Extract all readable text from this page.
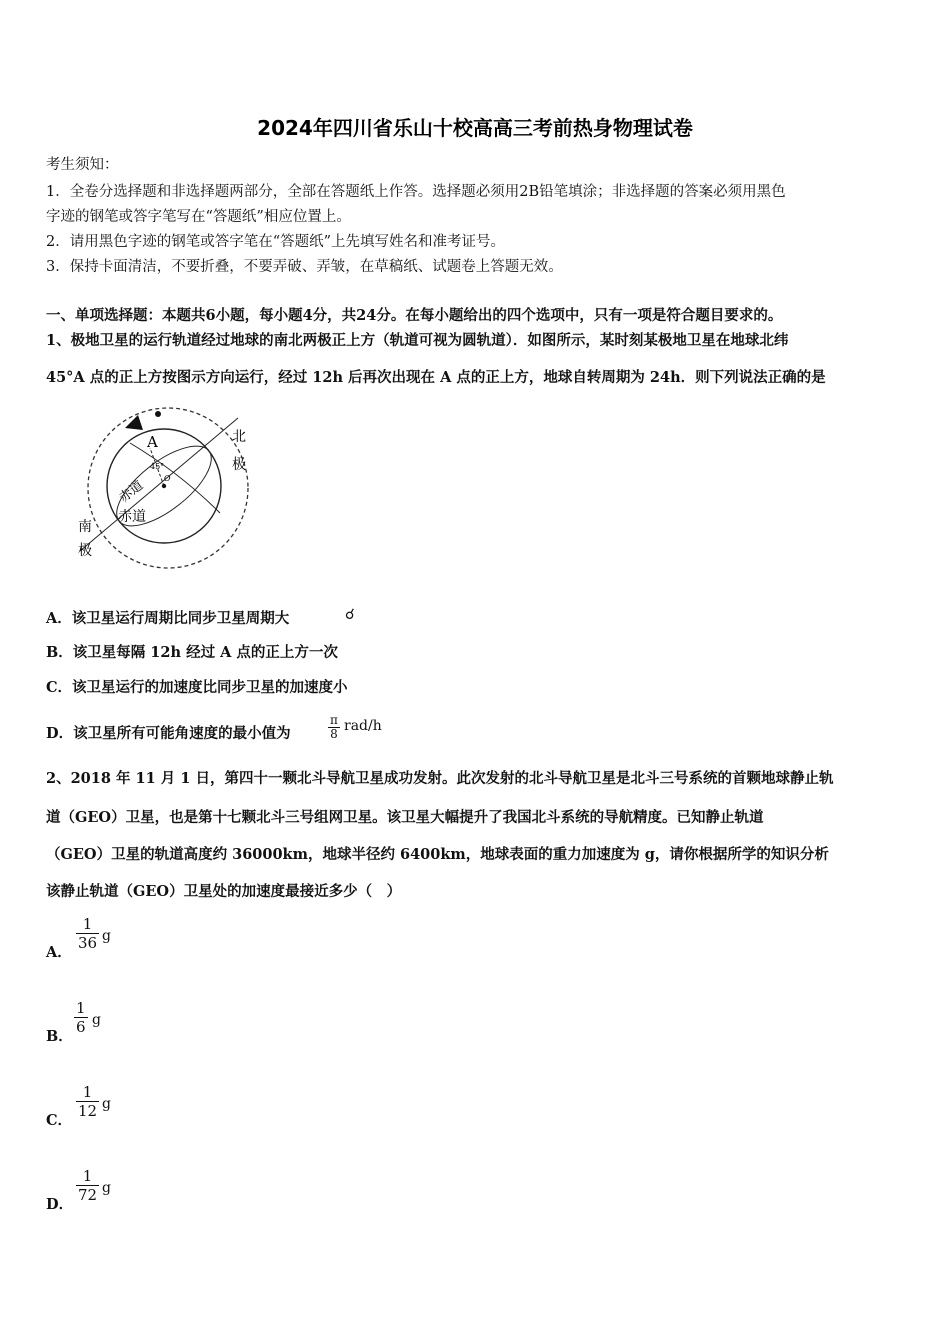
2024年四川省乐山十校高高三考前热身物理试卷
考生须知：
1．全卷分选择题和非选择题两部分，全部在答题纸上作答。选择题必须用2B铅笔填涂；非选择题的答案必须用黑色
字迹的钢笔或答字笔写在“答题纸”相应位置上。
2．请用黑色字迹的钢笔或答字笔在“答题纸”上先填写姓名和准考证号。
3．保持卡面清洁，不要折叠，不要弄破、弄皱，在草稿纸、试题卷上答题无效。
一、单项选择题：本题共6小题，每小题4分，共24分。在每小题给出的四个选项中，只有一项是符合题目要求的。
1、极地卫星的运行轨道经过地球的南北两极正上方（轨道可视为圆轨道）．如图所示，某时刻某极地卫星在地球北纬
45°A 点的正上方按图示方向运行，经过 12h 后再次出现在 A 点的正上方，地球自转周期为 24h．则下列说法正确的是
A
45°
O
北
极
南
极
赤道
赤道
A．该卫星运行周期比同步卫星周期大	☌
B．该卫星每隔 12h 经过 A 点的正上方一次
C．该卫星运行的加速度比同步卫星的加速度小
D．该卫星所有可能角速度的最小值为	$\frac{\pi}{8} rad/h$
2、2018 年 11 月 1 日，第四十一颗北斗导航卫星成功发射。此次发射的北斗导航卫星是北斗三号系统的首颗地球静止轨
道（GEO）卫星，也是第十七颗北斗三号组网卫星。该卫星大幅提升了我国北斗系统的导航精度。已知静止轨道
（GEO）卫星的轨道高度约 36000km，地球半径约 6400km，地球表面的重力加速度为 g，请你根据所学的知识分析
该静止轨道（GEO）卫星处的加速度最接近多少（　）
A．
$\frac{1}{36}$ g
B．
$\frac{1}{6}$ g
C．
$\frac{1}{12}$ g
D．
$\frac{1}{72}$ g
